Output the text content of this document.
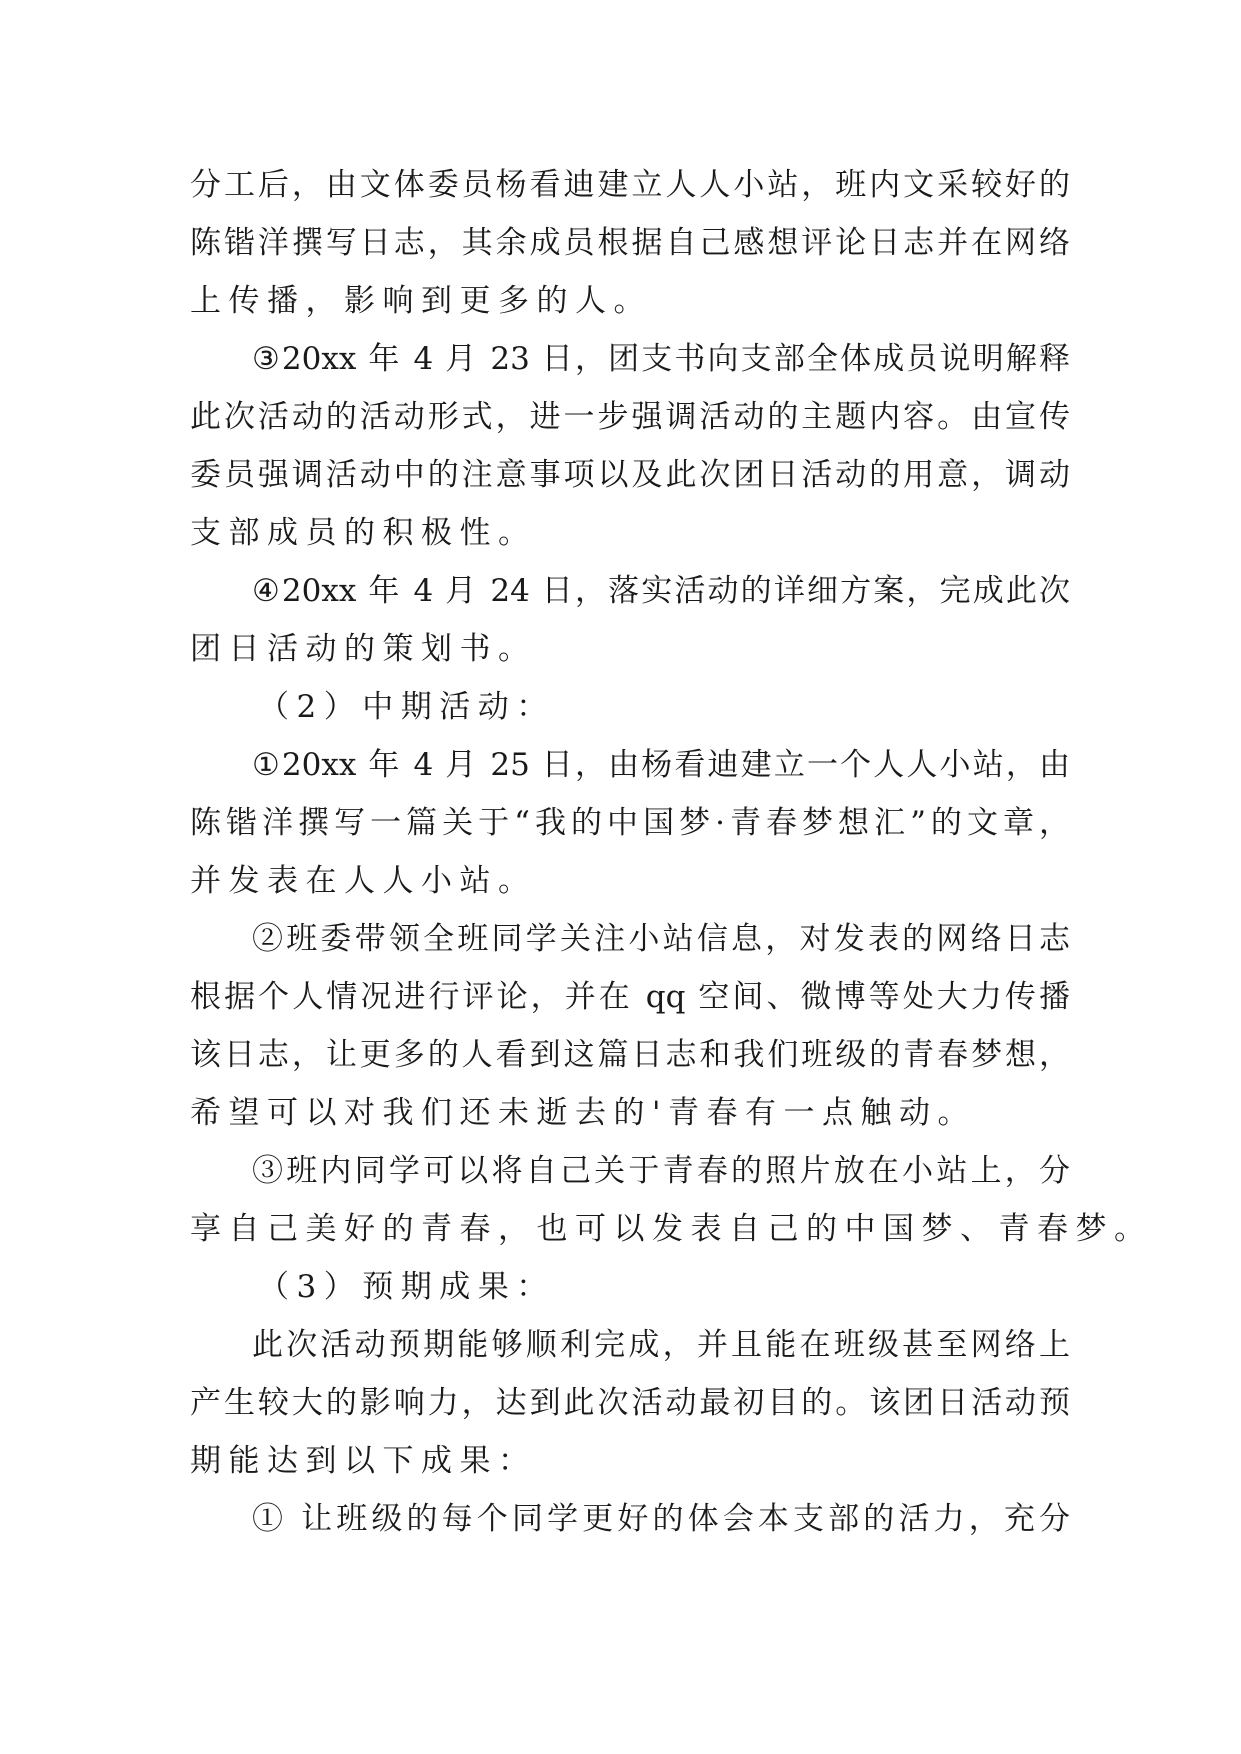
分工后，由文体委员杨看迪建立人人小站，班内文采较好的
陈锴洋撰写日志，其余成员根据自己感想评论日志并在网络
上传播，影响到更多的人。
③20xx 年 4 月 23 日，团支书向支部全体成员说明解释
此次活动的活动形式，进一步强调活动的主题内容。由宣传
委员强调活动中的注意事项以及此次团日活动的用意，调动
支部成员的积极性。
④20xx 年 4 月 24 日，落实活动的详细方案，完成此次
团日活动的策划书。
（2）中期活动：
①20xx 年 4 月 25 日，由杨看迪建立一个人人小站，由
陈锴洋撰写一篇关于“我的中国梦·青春梦想汇”的文章，
并发表在人人小站。
②班委带领全班同学关注小站信息，对发表的网络日志
根据个人情况进行评论，并在 qq 空间、微博等处大力传播
该日志，让更多的人看到这篇日志和我们班级的青春梦想，
希望可以对我们还未逝去的'青春有一点触动。
③班内同学可以将自己关于青春的照片放在小站上，分
享自己美好的青春，也可以发表自己的中国梦、青春梦。
（3）预期成果：
此次活动预期能够顺利完成，并且能在班级甚至网络上
产生较大的影响力，达到此次活动最初目的。该团日活动预
期能达到以下成果：
① 让班级的每个同学更好的体会本支部的活力，充分
